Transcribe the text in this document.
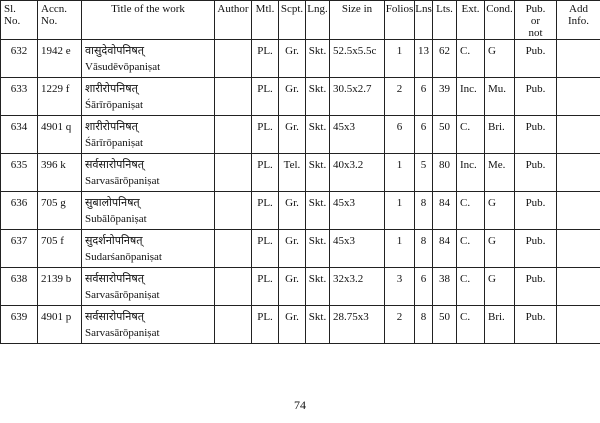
Sl.
No.	Accn.
No.	Title of the work	Author	Mtl.	Scpt.	Lng.	Size in	Folios	Lns	Lts.	Ext.	Cond.	Pub.
or
not	Add
Info.
632	1942 e	वासुदेवोपनिषत्
Vāsudēvōpaniṣat		PL.	Gr.	Skt.	52.5x5.5c	1	13	62	C.	G	Pub.	
633	1229 f	शारीरोपनिषत्
Śārīrōpaniṣat		PL.	Gr.	Skt.	30.5x2.7	2	6	39	Inc.	Mu.	Pub.	
634	4901 q	शारीरोपनिषत्
Śārīrōpaniṣat		PL.	Gr.	Skt.	45x3	6	6	50	C.	Bri.	Pub.	
635	396 k	सर्वसारोपनिषत्
Sarvasārōpaniṣat		PL.	Tel.	Skt.	40x3.2	1	5	80	Inc.	Me.	Pub.	
636	705 g	सुबालोपनिषत्
Subālōpaniṣat		PL.	Gr.	Skt.	45x3	1	8	84	C.	G	Pub.	
637	705 f	सुदर्शनोपनिषत्
Sudarśanōpaniṣat		PL.	Gr.	Skt.	45x3	1	8	84	C.	G	Pub.	
638	2139 b	सर्वसारोपनिषत्
Sarvasārōpaniṣat		PL.	Gr.	Skt.	32x3.2	3	6	38	C.	G	Pub.	
639	4901 p	सर्वसारोपनिषत्
Sarvasārōpaniṣat		PL.	Gr.	Skt.	28.75x3	2	8	50	C.	Bri.	Pub.	
74
